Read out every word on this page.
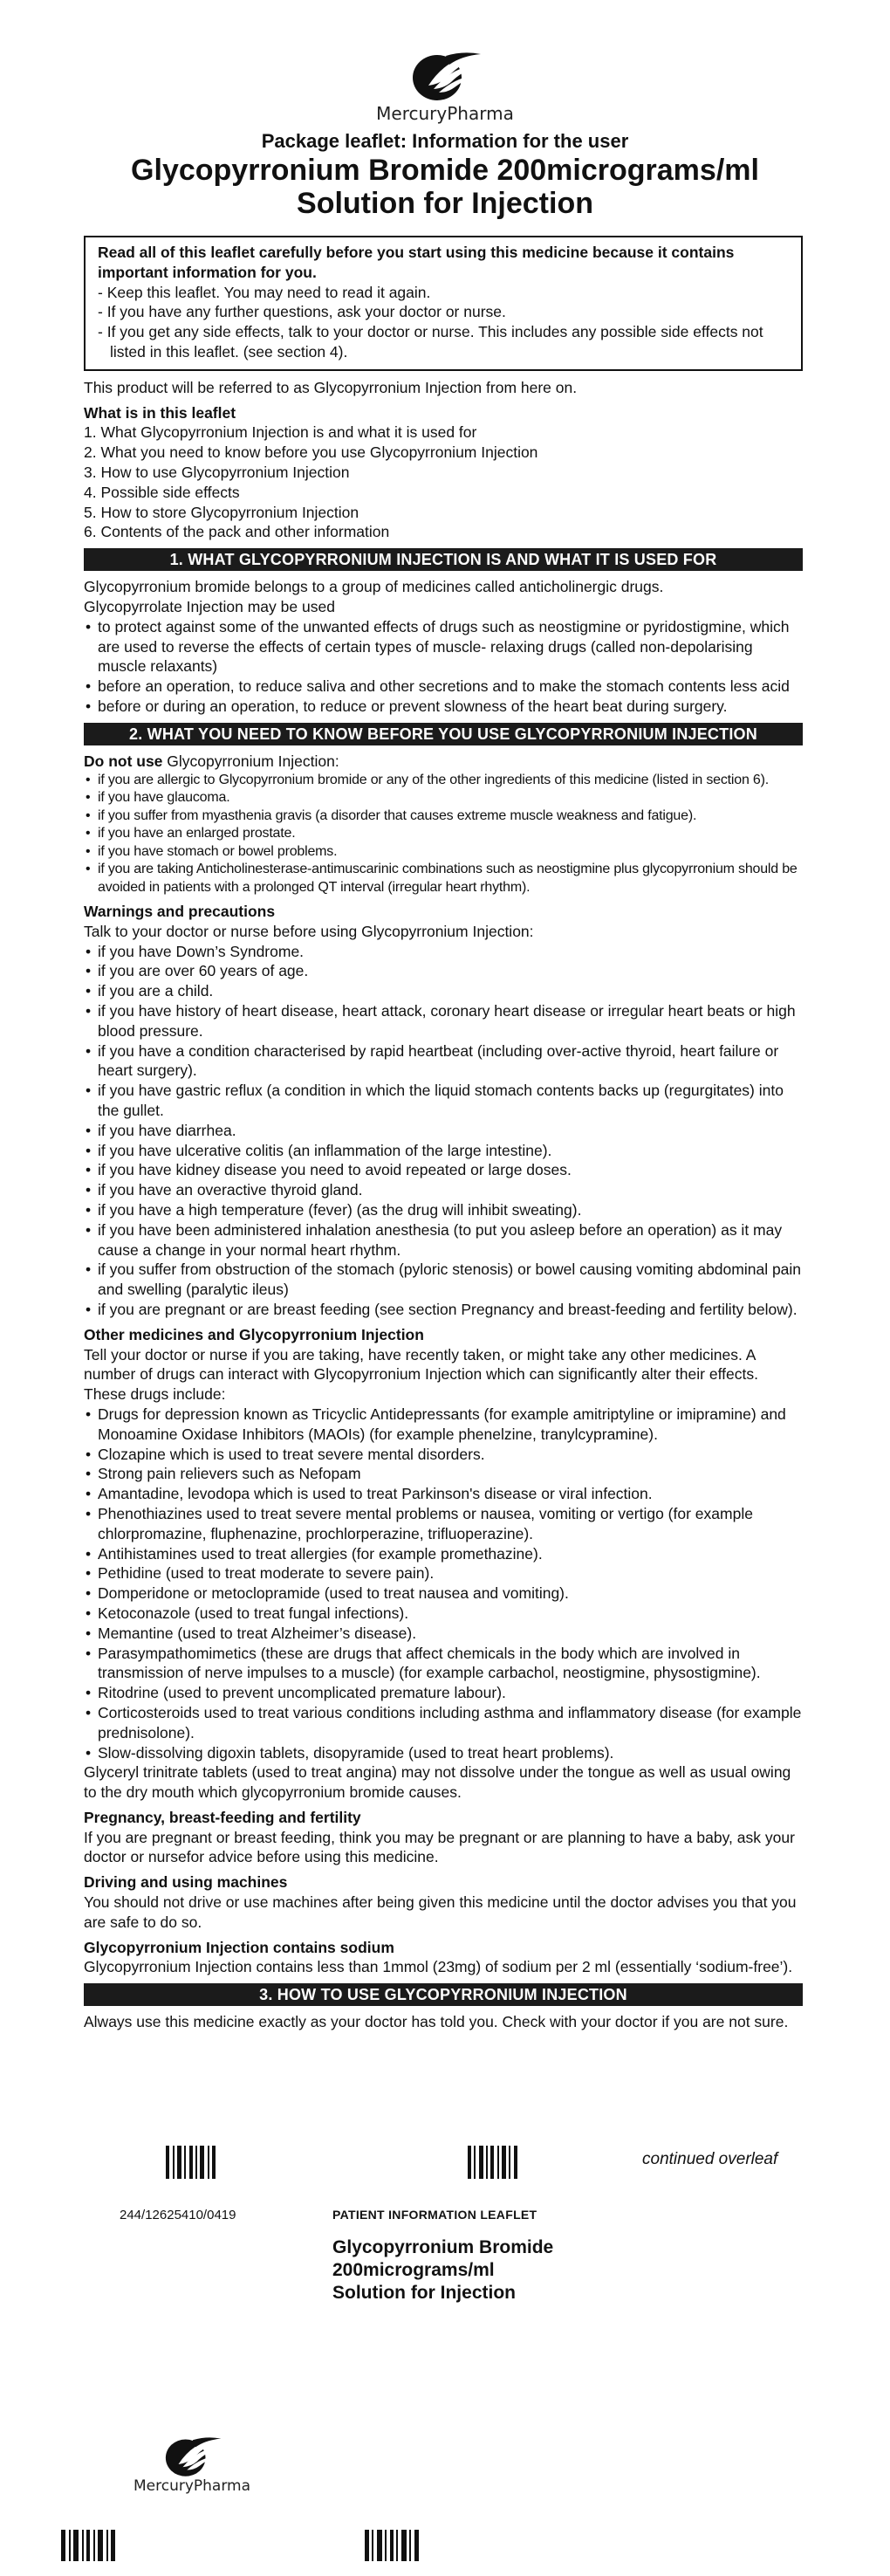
MercuryPharma
Package leaflet: Information for the user
Glycopyrronium Bromide 200micrograms/ml
Solution for Injection
Read all of this leaflet carefully before you start using this medicine because it contains important information for you.
- Keep this leaflet. You may need to read it again.
- If you have any further questions, ask your doctor or nurse.
- If you get any side effects, talk to your doctor or nurse. This includes any possible side effects not listed in this leaflet. (see section 4).
This product will be referred to as Glycopyrronium Injection from here on.
What is in this leaflet
1. What Glycopyrronium Injection is and what it is used for
2. What you need to know before you use Glycopyrronium Injection
3. How to use Glycopyrronium Injection
4. Possible side effects
5. How to store Glycopyrronium Injection
6. Contents of the pack and other information
1. WHAT GLYCOPYRRONIUM INJECTION IS AND WHAT IT IS USED FOR
Glycopyrronium bromide belongs to a group of medicines called anticholinergic drugs.
Glycopyrrolate Injection may be used
• to protect against some of the unwanted effects of drugs such as neostigmine or pyridostigmine, which are used to reverse the effects of certain types of muscle- relaxing drugs (called non-depolarising muscle relaxants)
• before an operation, to reduce saliva and other secretions and to make the stomach contents less acid
• before or during an operation, to reduce or prevent slowness of the heart beat during surgery.
2. WHAT YOU NEED TO KNOW BEFORE YOU USE GLYCOPYRRONIUM INJECTION
Do not use Glycopyrronium Injection:
• if you are allergic to Glycopyrronium bromide or any of the other ingredients of this medicine (listed in section 6).
• if you have glaucoma.
• if you suffer from myasthenia gravis (a disorder that causes extreme muscle weakness and fatigue).
• if you have an enlarged prostate.
• if you have stomach or bowel problems.
• if you are taking Anticholinesterase-antimuscarinic combinations such as neostigmine plus glycopyrronium should be avoided in patients with a prolonged QT interval (irregular heart rhythm).
Warnings and precautions
Talk to your doctor or nurse before using Glycopyrronium Injection:
• if you have Down’s Syndrome.
• if you are over 60 years of age.
• if you are a child.
• if you have history of heart disease, heart attack, coronary heart disease or irregular heart beats or high blood pressure.
• if you have a condition characterised by rapid heartbeat (including over-active thyroid, heart failure or heart surgery).
• if you have gastric reflux (a condition in which the liquid stomach contents backs up (regurgitates) into the gullet.
• if you have diarrhea.
• if you have ulcerative colitis (an inflammation of the large intestine).
• if you have kidney disease you need to avoid repeated or large doses.
• if you have an overactive thyroid gland.
• if you have a high temperature (fever) (as the drug will inhibit sweating).
• if you have been administered inhalation anesthesia (to put you asleep before an operation) as it may cause a change in your normal heart rhythm.
• if you suffer from obstruction of the stomach (pyloric stenosis) or bowel causing vomiting abdominal pain and swelling (paralytic ileus)
• if you are pregnant or are breast feeding (see section Pregnancy and breast-feeding and fertility below).
Other medicines and Glycopyrronium Injection
Tell your doctor or nurse if you are taking, have recently taken, or might take any other medicines. A number of drugs can interact with Glycopyrronium Injection which can significantly alter their effects. These drugs include:
• Drugs for depression known as Tricyclic Antidepressants (for example amitriptyline or imipramine) and Monoamine Oxidase Inhibitors (MAOIs) (for example phenelzine, tranylcypramine).
• Clozapine which is used to treat severe mental disorders.
• Strong pain relievers such as Nefopam
• Amantadine, levodopa which is used to treat Parkinson's disease or viral infection.
• Phenothiazines used to treat severe mental problems or nausea, vomiting or vertigo (for example chlorpromazine, fluphenazine, prochlorperazine, trifluoperazine).
• Antihistamines used to treat allergies (for example promethazine).
• Pethidine (used to treat moderate to severe pain).
• Domperidone or metoclopramide (used to treat nausea and vomiting).
• Ketoconazole (used to treat fungal infections).
• Memantine (used to treat Alzheimer’s disease).
• Parasympathomimetics (these are drugs that affect chemicals in the body which are involved in transmission of nerve impulses to a muscle) (for example carbachol, neostigmine, physostigmine).
• Ritodrine (used to prevent uncomplicated premature labour).
• Corticosteroids used to treat various conditions including asthma and inflammatory disease (for example prednisolone).
• Slow-dissolving digoxin tablets, disopyramide (used to treat heart problems).
Glyceryl trinitrate tablets (used to treat angina) may not dissolve under the tongue as well as usual owing to the dry mouth which glycopyrronium bromide causes.
Pregnancy, breast-feeding and fertility
If you are pregnant or breast feeding, think you may be pregnant or are planning to have a baby, ask your doctor or nursefor advice before using this medicine.
Driving and using machines
You should not drive or use machines after being given this medicine until the doctor advises you that you are safe to do so.
Glycopyrronium Injection contains sodium
Glycopyrronium Injection contains less than 1mmol (23mg) of sodium per 2 ml (essentially ‘sodium-free’).
3. HOW TO USE GLYCOPYRRONIUM INJECTION
Always use this medicine exactly as your doctor has told you. Check with your doctor if you are not sure.
continued overleaf
244/12625410/0419	PATIENT INFORMATION LEAFLET
Glycopyrronium Bromide
200micrograms/ml
Solution for Injection
MercuryPharma
